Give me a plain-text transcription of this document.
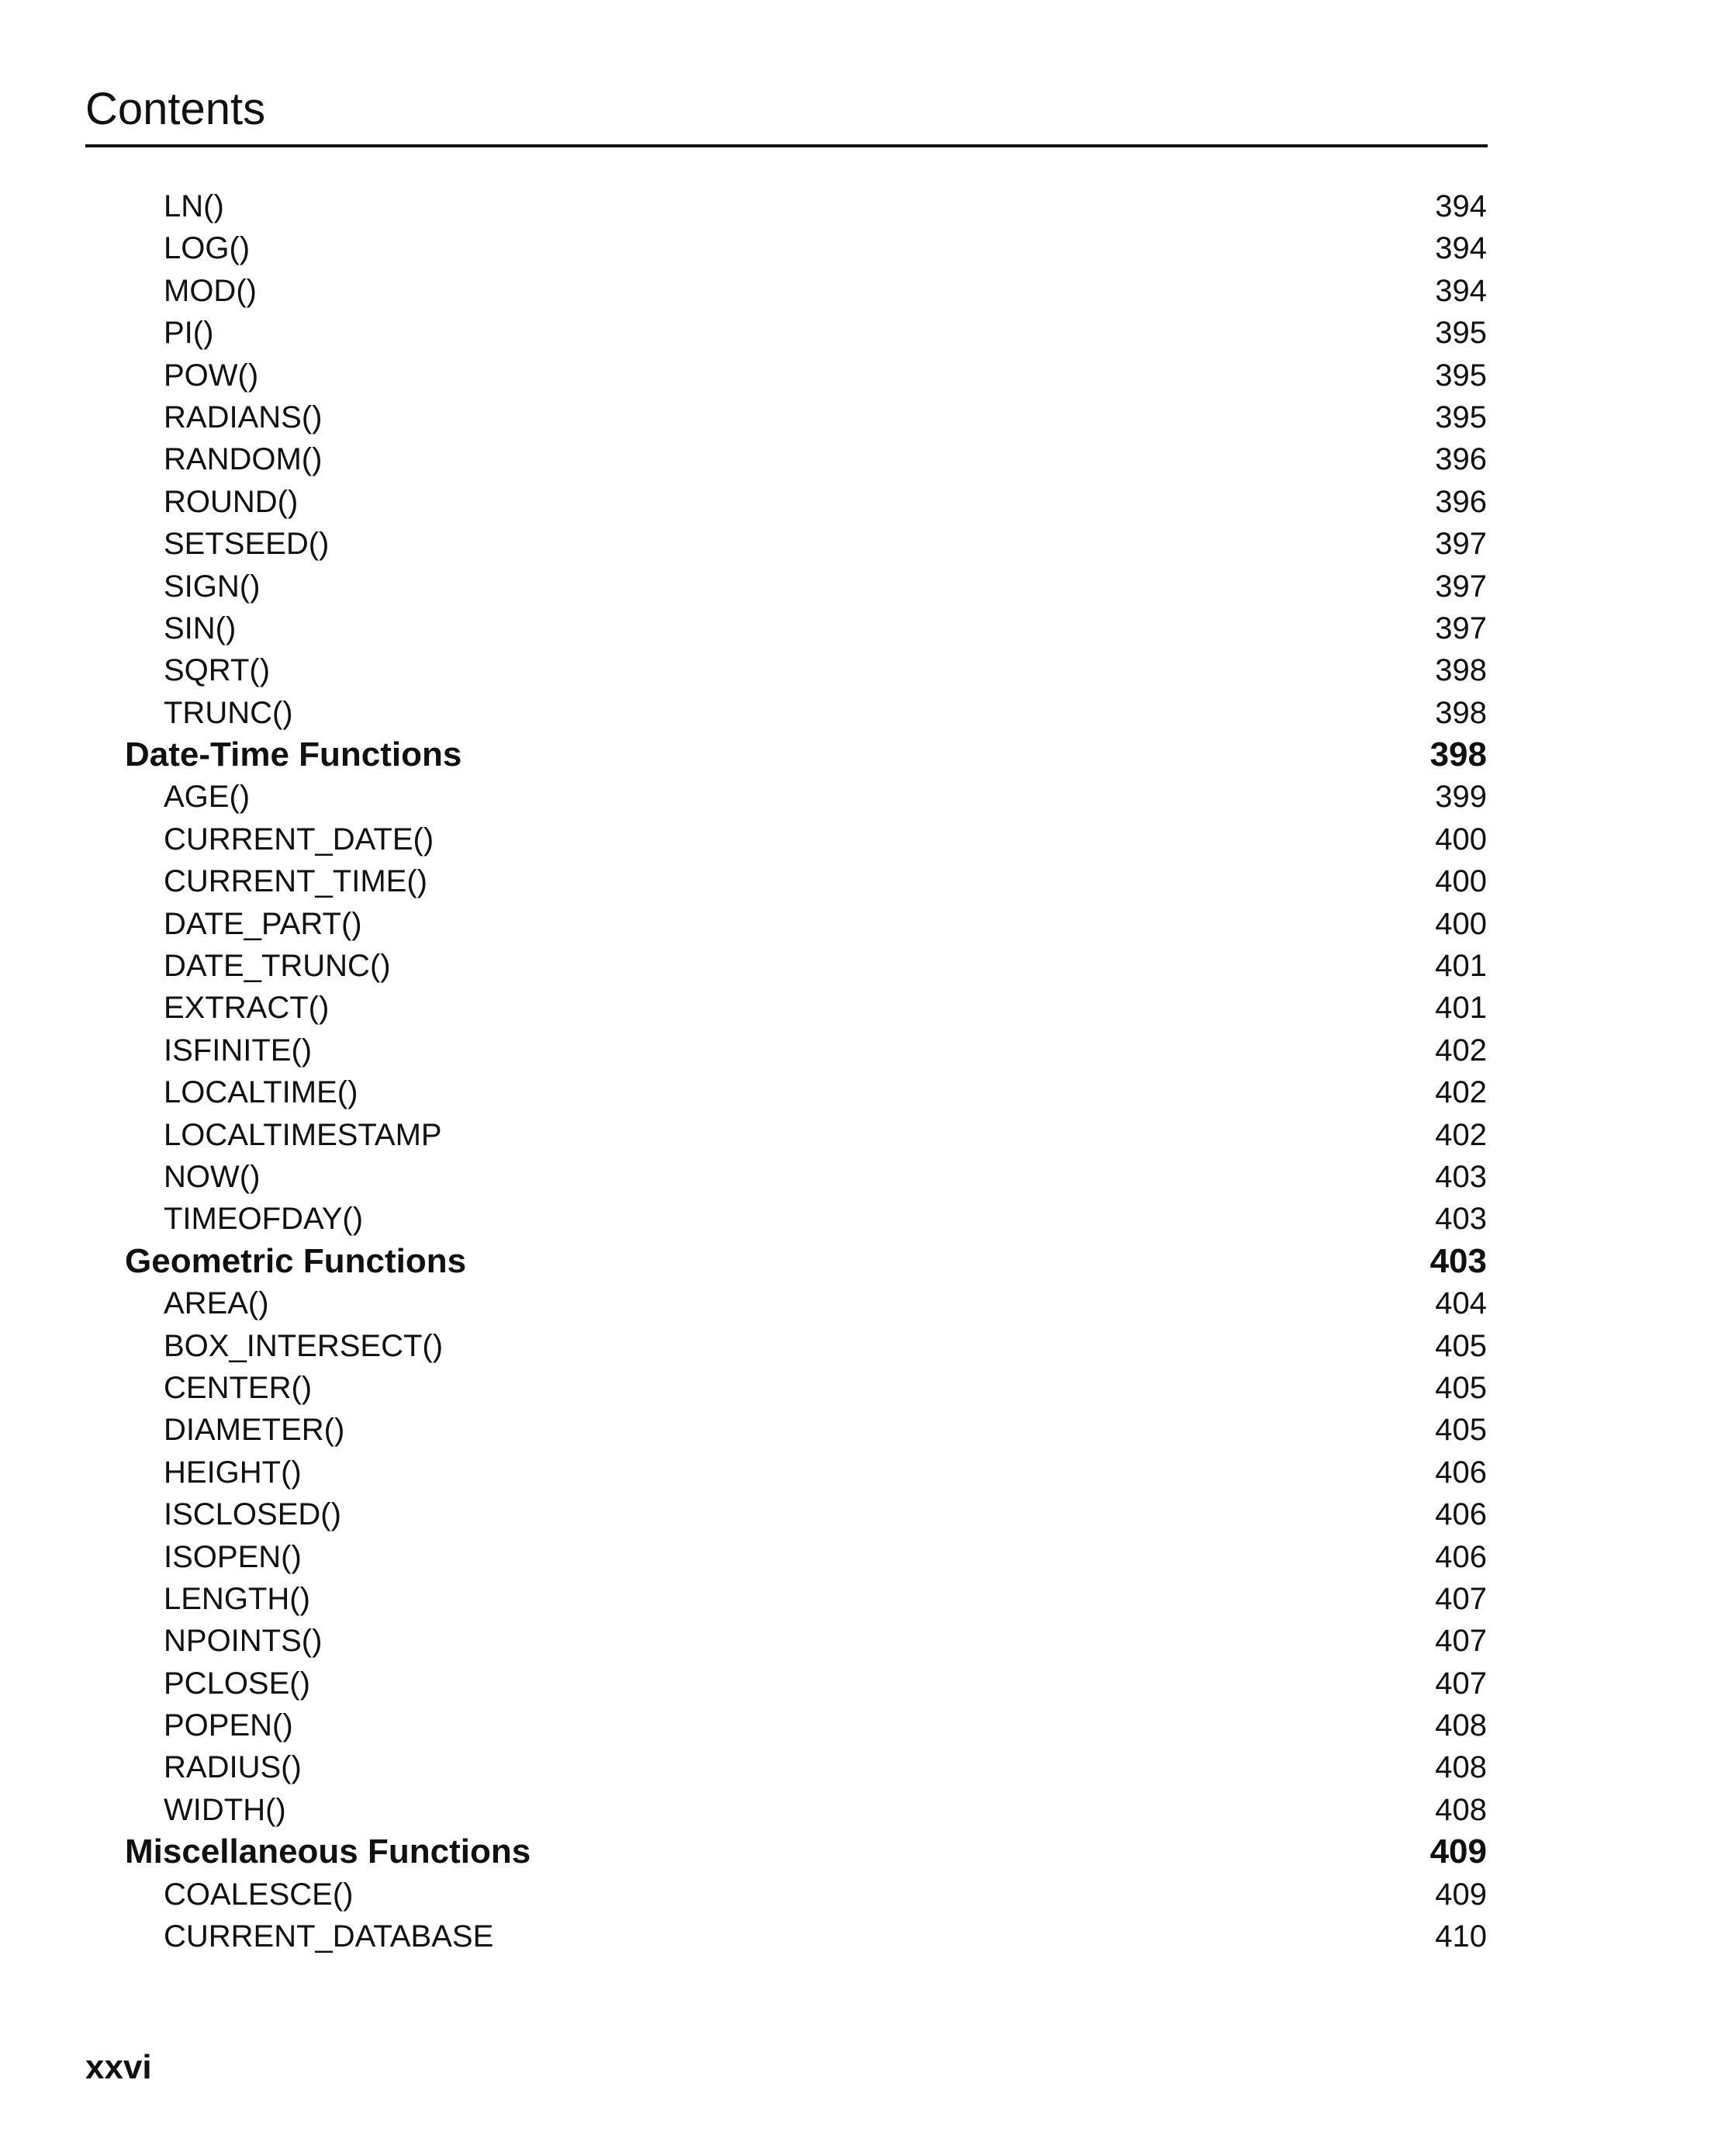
Contents
LN()	394
LOG()	394
MOD()	394
PI()	395
POW()	395
RADIANS()	395
RANDOM()	396
ROUND()	396
SETSEED()	397
SIGN()	397
SIN()	397
SQRT()	398
TRUNC()	398
Date-Time Functions	398
AGE()	399
CURRENT_DATE()	400
CURRENT_TIME()	400
DATE_PART()	400
DATE_TRUNC()	401
EXTRACT()	401
ISFINITE()	402
LOCALTIME()	402
LOCALTIMESTAMP	402
NOW()	403
TIMEOFDAY()	403
Geometric Functions	403
AREA()	404
BOX_INTERSECT()	405
CENTER()	405
DIAMETER()	405
HEIGHT()	406
ISCLOSED()	406
ISOPEN()	406
LENGTH()	407
NPOINTS()	407
PCLOSE()	407
POPEN()	408
RADIUS()	408
WIDTH()	408
Miscellaneous Functions	409
COALESCE()	409
CURRENT_DATABASE	410
xxvi
